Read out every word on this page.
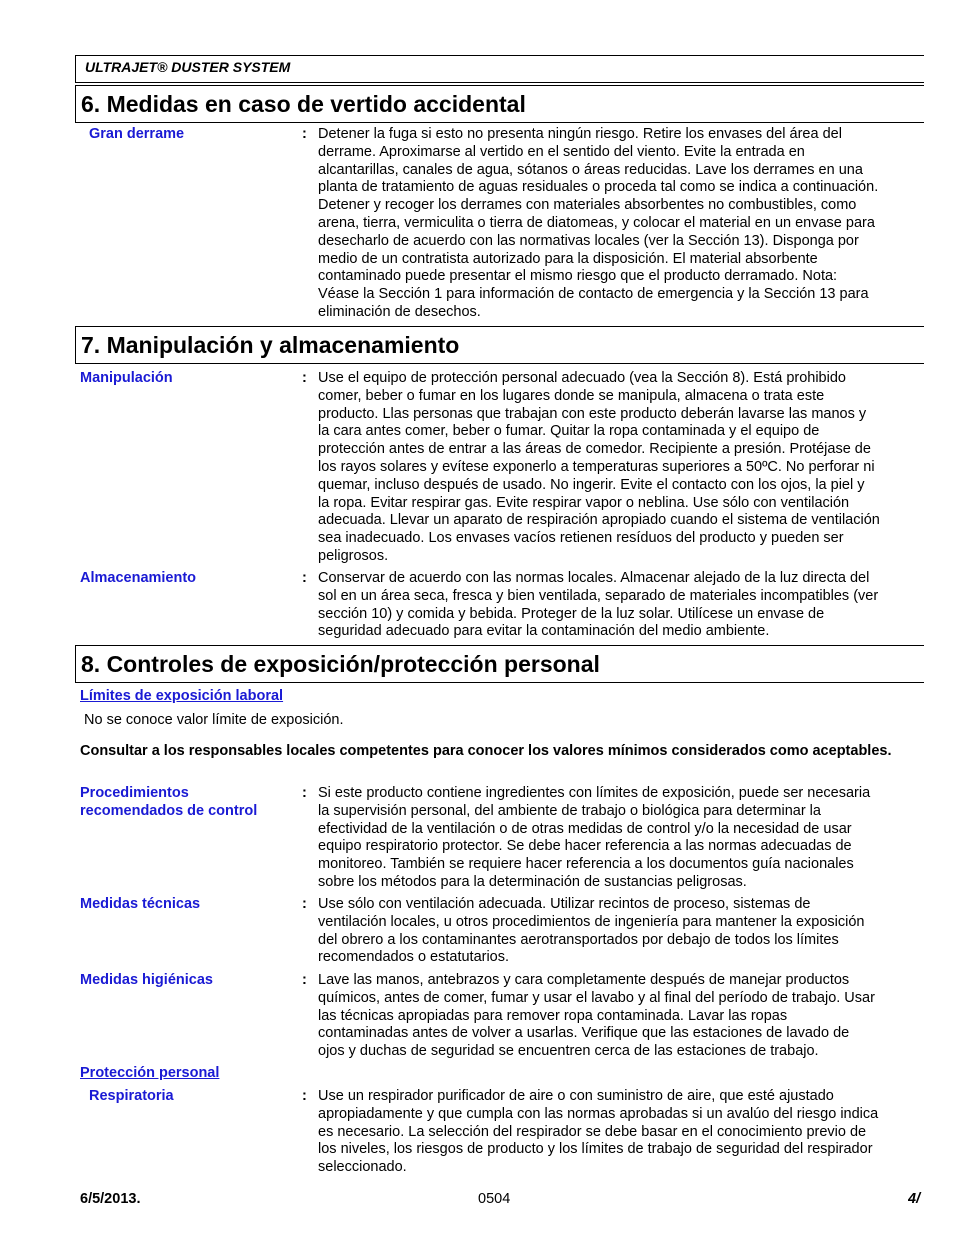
ULTRAJET® DUSTER SYSTEM
6. Medidas en caso de vertido accidental
Gran derrame	: Detener la fuga si esto no presenta ningún riesgo. Retire los envases del área del
derrame. Aproximarse al vertido en el sentido del viento. Evite la entrada en
alcantarillas, canales de agua, sótanos o áreas reducidas. Lave los derrames en una
planta de tratamiento de aguas residuales o proceda tal como se indica a continuación.
Detener y recoger los derrames con materiales absorbentes no combustibles, como
arena, tierra, vermiculita o tierra de diatomeas, y colocar el material en un envase para
desecharlo de acuerdo con las normativas locales (ver la Sección 13). Disponga por
medio de un contratista autorizado para la disposición. El material absorbente
contaminado puede presentar el mismo riesgo que el producto derramado. Nota:
Véase la Sección 1 para información de contacto de emergencia y la Sección 13 para
eliminación de desechos.
7. Manipulación y almacenamiento
Manipulación	: Use el equipo de protección personal adecuado (vea la Sección 8). Está prohibido
comer, beber o fumar en los lugares donde se manipula, almacena o trata este
producto. Llas personas que trabajan con este producto deberán lavarse las manos y
la cara antes comer, beber o fumar. Quitar la ropa contaminada y el equipo de
protección antes de entrar a las áreas de comedor. Recipiente a presión. Protéjase de
los rayos solares y evítese exponerlo a temperaturas superiores a 50ºC. No perforar ni
quemar, incluso después de usado. No ingerir. Evite el contacto con los ojos, la piel y
la ropa. Evitar respirar gas. Evite respirar vapor o neblina. Use sólo con ventilación
adecuada. Llevar un aparato de respiración apropiado cuando el sistema de ventilación
sea inadecuado. Los envases vacíos retienen resíduos del producto y pueden ser
peligrosos.
Almacenamiento	: Conservar de acuerdo con las normas locales. Almacenar alejado de la luz directa del
sol en un área seca, fresca y bien ventilada, separado de materiales incompatibles (ver
sección 10) y comida y bebida. Proteger de la luz solar. Utilícese un envase de
seguridad adecuado para evitar la contaminación del medio ambiente.
8. Controles de exposición/protección personal
Límites de exposición laboral
No se conoce valor límite de exposición.
Consultar a los responsables locales competentes para conocer los valores mínimos considerados como aceptables.
Procedimientos recomendados de control
: Si este producto contiene ingredientes con límites de exposición, puede ser necesaria
la supervisión personal, del ambiente de trabajo o biológica para determinar la
efectividad de la ventilación o de otras medidas de control y/o la necesidad de usar
equipo respiratorio protector. Se debe hacer referencia a las normas adecuadas de
monitoreo. También se requiere hacer referencia a los documentos guía nacionales
sobre los métodos para la determinación de sustancias peligrosas.
Medidas técnicas	: Use sólo con ventilación adecuada. Utilizar recintos de proceso, sistemas de
ventilación locales, u otros procedimientos de ingeniería para mantener la exposición
del obrero a los contaminantes aerotransportados por debajo de todos los límites
recomendados o estatutarios.
Medidas higiénicas	: Lave las manos, antebrazos y cara completamente después de manejar productos
químicos, antes de comer, fumar y usar el lavabo y al final del período de trabajo. Usar
las técnicas apropiadas para remover ropa contaminada. Lavar las ropas
contaminadas antes de volver a usarlas. Verifique que las estaciones de lavado de
ojos y duchas de seguridad se encuentren cerca de las estaciones de trabajo.
Protección personal
Respiratoria	: Use un respirador purificador de aire o con suministro de aire, que esté ajustado
apropiadamente y que cumpla con las normas aprobadas si un avalúo del riesgo indica
es necesario. La selección del respirador se debe basar en el conocimiento previo de
los niveles, los riesgos de producto y los límites de trabajo de seguridad del respirador
seleccionado.
6/5/2013.	0504	4/
